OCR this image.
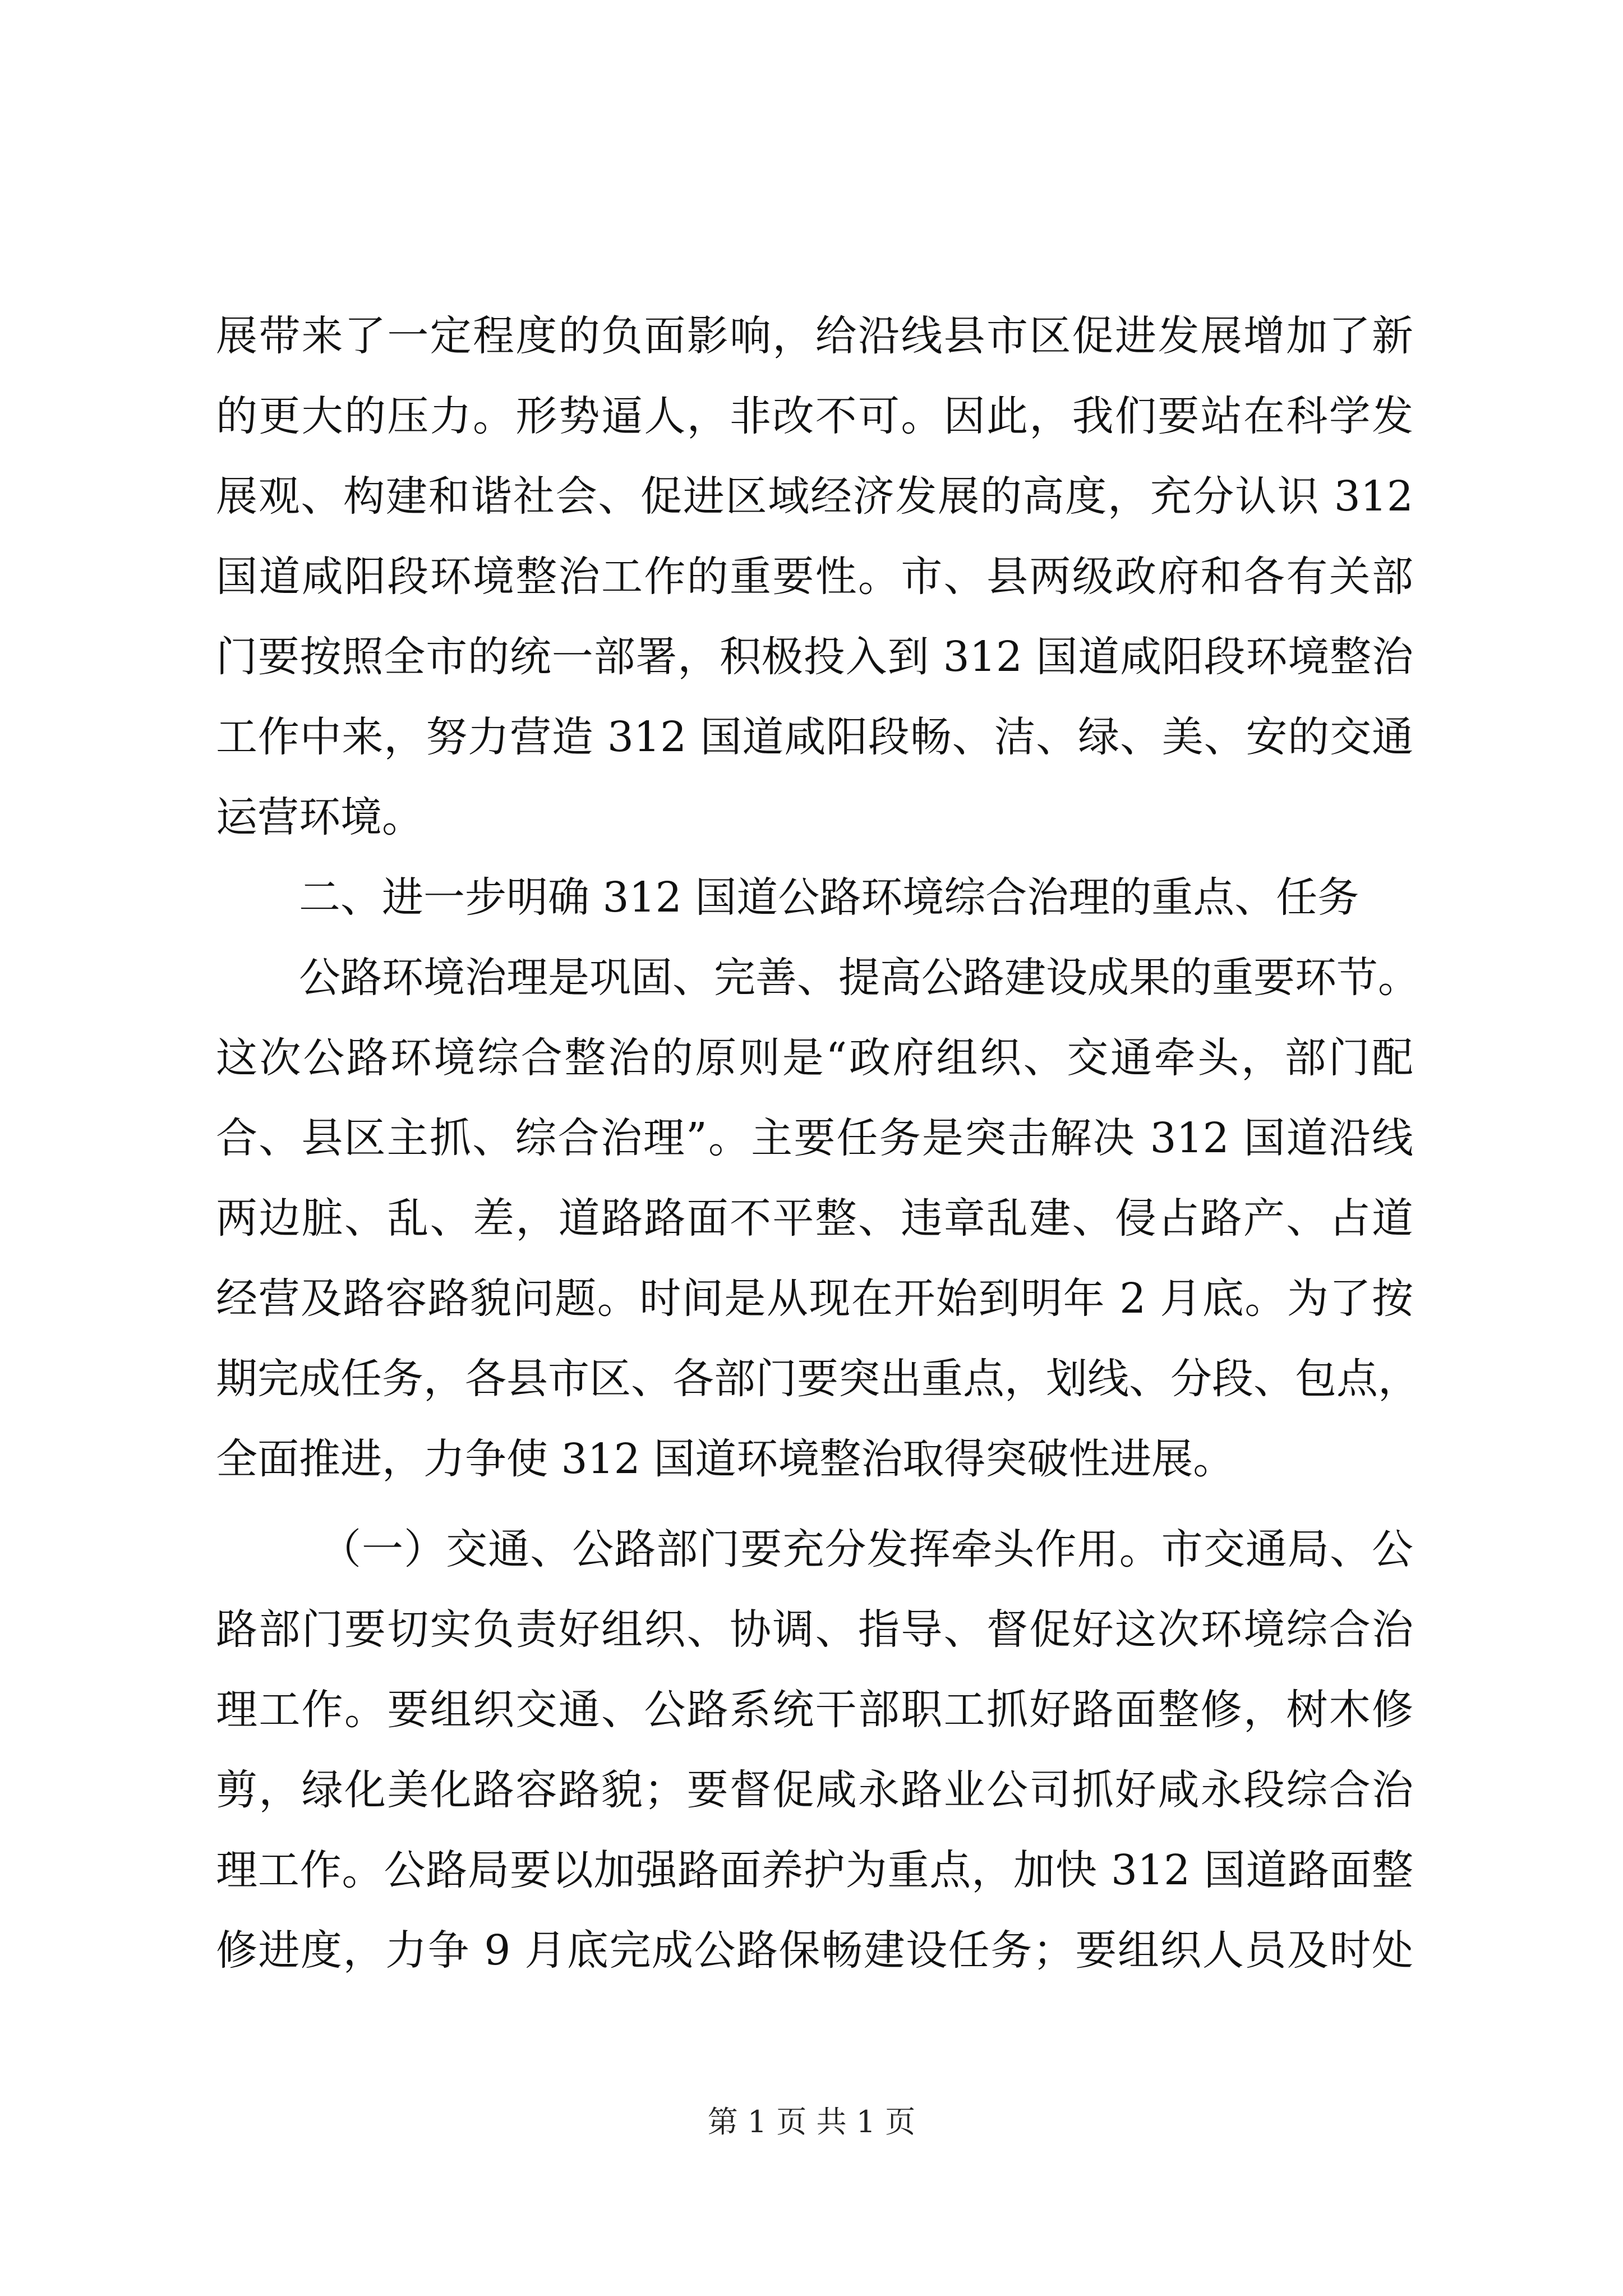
展带来了一定程度的负面影响，给沿线县市区促进发展增加了新
的更大的压力。形势逼人，非改不可。因此，我们要站在科学发
展观、构建和谐社会、促进区域经济发展的高度，充分认识 312
国道咸阳段环境整治工作的重要性。市、县两级政府和各有关部
门要按照全市的统一部署，积极投入到 312 国道咸阳段环境整治
工作中来，努力营造 312 国道咸阳段畅、洁、绿、美、安的交通
运营环境。
二、进一步明确 312 国道公路环境综合治理的重点、任务
公路环境治理是巩固、完善、提高公路建设成果的重要环节。
这次公路环境综合整治的原则是“政府组织、交通牵头，部门配
合、县区主抓、综合治理”。主要任务是突击解决 312 国道沿线
两边脏、乱、差，道路路面不平整、违章乱建、侵占路产、占道
经营及路容路貌问题。时间是从现在开始到明年 2 月底。为了按
期完成任务，各县市区、各部门要突出重点，划线、分段、包点，
全面推进，力争使 312 国道环境整治取得突破性进展。
（一）交通、公路部门要充分发挥牵头作用。市交通局、公
路部门要切实负责好组织、协调、指导、督促好这次环境综合治
理工作。要组织交通、公路系统干部职工抓好路面整修，树木修
剪，绿化美化路容路貌；要督促咸永路业公司抓好咸永段综合治
理工作。公路局要以加强路面养护为重点，加快 312 国道路面整
修进度，力争 9 月底完成公路保畅建设任务；要组织人员及时处
第 1 页 共 1 页
